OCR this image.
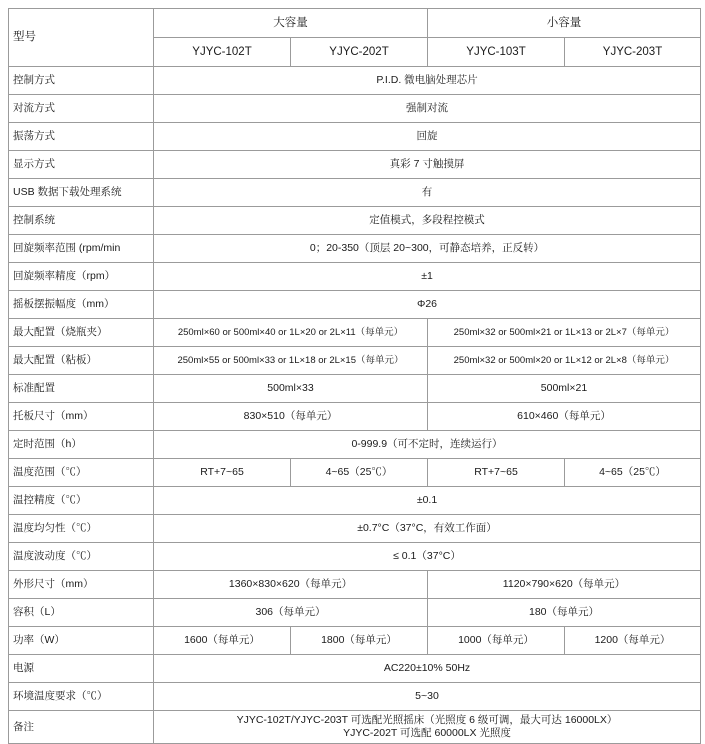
型号	大容量		小容量	
	YJYC-102T	YJYC-202T	YJYC-103T	YJYC-203T
控制方式	P.I.D. 微电脑处理芯片			
对流方式	强制对流			
振荡方式	回旋			
显示方式	真彩 7 寸触摸屏			
USB 数据下载处理系统	有			
控制系统	定值模式，多段程控模式			
回旋频率范围 (rpm/min	0；20-350（顶层 20~300，可静态培养，正反转）			
回旋频率精度（rpm）	±1			
摇板摆振幅度（mm）	Φ26			
最大配置（烧瓶夹）	250ml×60 or 500ml×40 or 1L×20 or 2L×11（每单元）		250ml×32 or 500ml×21 or 1L×13 or 2L×7（每单元）	
最大配置（粘板）	250ml×55 or 500ml×33 or 1L×18 or 2L×15（每单元）		250ml×32 or 500ml×20 or 1L×12 or 2L×8（每单元）	
标准配置	500ml×33		500ml×21	
托板尺寸（mm）	830×510（每单元）		610×460（每单元）	
定时范围（h）	0-999.9（可不定时，连续运行）			
温度范围（℃）	RT+7~65	4~65（25℃）	RT+7~65	4~65（25℃）
温控精度（℃）	±0.1			
温度均匀性（℃）	±0.7°C（37°C，有效工作面）			
温度波动度（℃）	≤ 0.1（37°C）			
外形尺寸（mm）	1360×830×620（每单元）		1120×790×620（每单元）	
容积（L）	306（每单元）		180（每单元）	
功率（W）	1600（每单元）	1800（每单元）	1000（每单元）	1200（每单元）
电源	AC220±10% 50Hz			
环境温度要求（℃）	5~30			
备注	YJYC-102T/YJYC-203T 可选配光照摇床（光照度 6 级可调，最大可达 16000LX）
YJYC-202T 可选配 60000LX 光照度			
